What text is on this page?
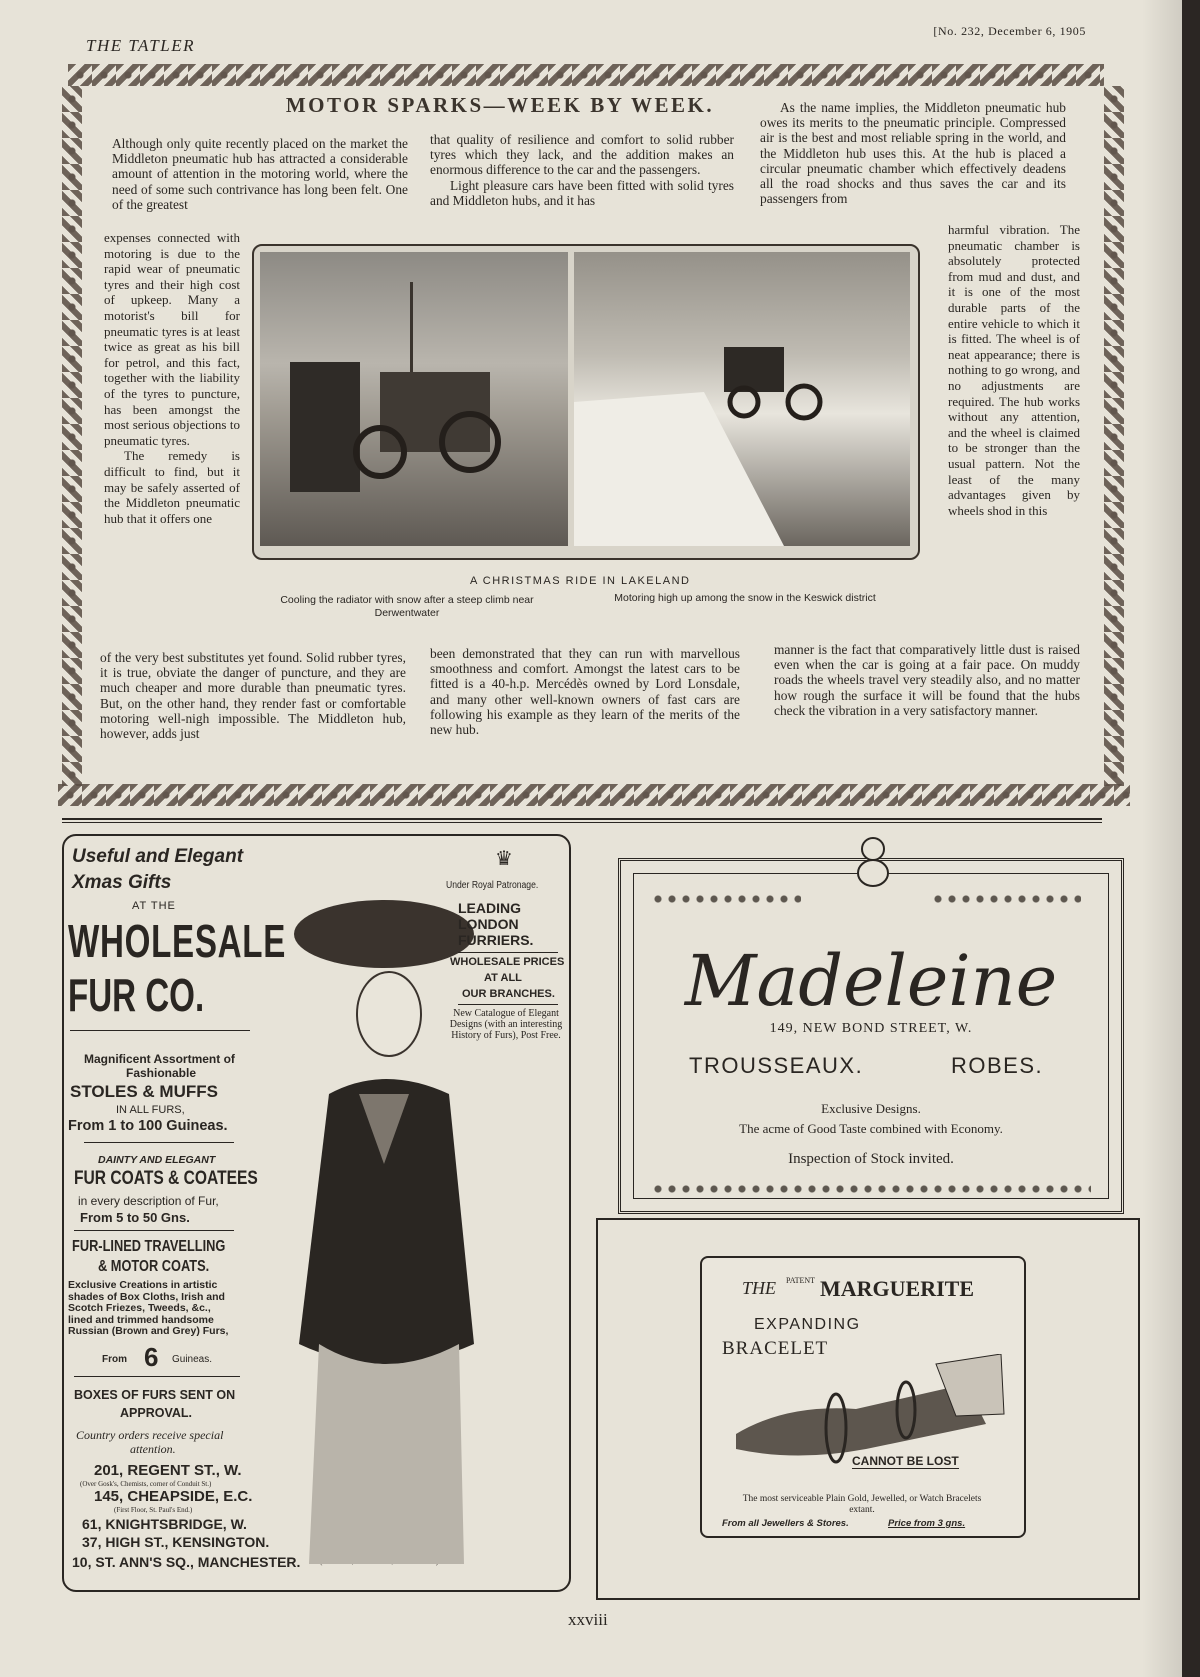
THE TATLER
[No. 232, December 6, 1905
MOTOR SPARKS—WEEK BY WEEK.

Although only quite recently placed on the market the Middleton pneumatic hub has attracted a considerable amount of attention in the motoring world, where the need of some such contrivance has long been felt. One of the greatest

expenses connected with motoring is due to the rapid wear of pneumatic tyres and their high cost of upkeep. Many a motorist's bill for pneumatic tyres is at least twice as great as his bill for petrol, and this fact, together with the liability of the tyres to puncture, has been amongst the most serious objections to pneumatic tyres.

The remedy is difficult to find, but it may be safely asserted of the Middleton pneumatic hub that it offers one

that quality of resilience and comfort to solid rubber tyres which they lack, and the addition makes an enormous difference to the car and the passengers.

Light pleasure cars have been fitted with solid tyres and Middleton hubs, and it has

As the name implies, the Middleton pneumatic hub owes its merits to the pneumatic principle. Compressed air is the best and most reliable spring in the world, and the Middleton hub uses this. At the hub is placed a circular pneumatic chamber which effectively deadens all the road shocks and thus saves the car and its passengers from

harmful vibration. The pneumatic chamber is absolutely protected from mud and dust, and it is one of the most durable parts of the entire vehicle to which it is fitted. The wheel is of neat appearance; there is nothing to go wrong, and no adjustments are required. The hub works without any attention, and the wheel is claimed to be stronger than the usual pattern. Not the least of the many advantages given by wheels shod in this

A CHRISTMAS RIDE IN LAKELAND
Cooling the radiator with snow after a steep climb near Derwentwater
Motoring high up among the snow in the Keswick district

of the very best substitutes yet found. Solid rubber tyres, it is true, obviate the danger of puncture, and they are much cheaper and more durable than pneumatic tyres. But, on the other hand, they render fast or comfortable motoring well-nigh impossible. The Middleton hub, however, adds just

been demonstrated that they can run with marvellous smoothness and comfort. Amongst the latest cars to be fitted is a 40-h.p. Mercédès owned by Lord Lonsdale, and many other well-known owners of fast cars are following his example as they learn of the merits of the new hub.

manner is the fact that comparatively little dust is raised even when the car is going at a fair pace. On muddy roads the wheels travel very steadily also, and no matter how rough the surface it will be found that the hubs check the vibration in a very satisfactory manner.

Useful and Elegant
Xmas Gifts
AT THE
WHOLESALE
FUR CO.
Magnificent Assortment of
Fashionable
STOLES & MUFFS
IN ALL FURS,
From 1 to 100 Guineas.
DAINTY AND ELEGANT
FUR COATS & COATEES
in every description of Fur,
From 5 to 50 Gns.
FUR-LINED TRAVELLING
& MOTOR COATS.
Exclusive Creations in artistic shades of Box Cloths, Irish and Scotch Friezes, Tweeds, &c., lined and trimmed handsome Russian (Brown and Grey) Furs,
From 6 Guineas.
BOXES OF FURS SENT ON
APPROVAL.
Country orders receive special
attention.
201, REGENT ST., W.
(Over Gosk's, Chemists, corner of Conduit St.)
145, CHEAPSIDE, E.C.
(First Floor, St. Paul's End.)
61, KNIGHTSBRIDGE, W.
37, HIGH ST., KENSINGTON.
10, ST. ANN'S SQ., MANCHESTER.
♛
Under Royal Patronage.
LEADING
LONDON
FURRIERS.
WHOLESALE PRICES
AT ALL
OUR BRANCHES.
New Catalogue of Elegant Designs (with an interesting History of Furs), Post Free.
Madeleine
149, NEW BOND STREET, W.
TROUSSEAUX.	ROBES.
Exclusive Designs.
The acme of Good Taste combined with Economy.
Inspection of Stock invited.
THE PATENT MARGUERITE
EXPANDING
BRACELET
CANNOT BE LOST
The most serviceable Plain Gold, Jewelled, or Watch Bracelets extant.
From all Jewellers & Stores.	Price from 3 gns.
xxviii
